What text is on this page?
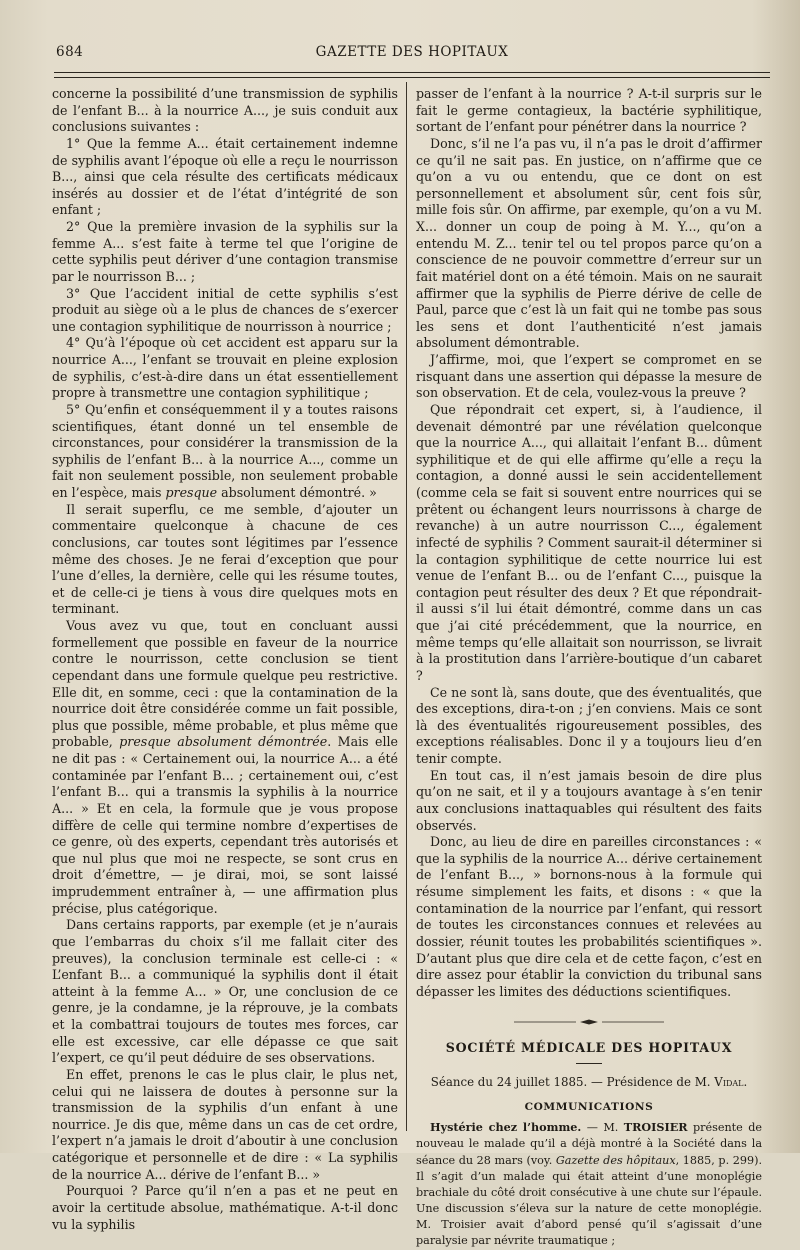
684	GAZETTE DES HOPITAUX

concerne la possibilité d’une transmission de syphilis de l’enfant B... à la nourrice A..., je suis conduit aux conclusions suivantes :

1° Que la femme A... était certainement indemne de syphilis avant l’époque où elle a reçu le nourrisson B..., ainsi que cela résulte des certificats médicaux insérés au dossier et de l’état d’intégrité de son enfant ;

2° Que la première invasion de la syphilis sur la femme A... s’est faite à terme tel que l’origine de cette syphilis peut dériver d’une contagion transmise par le nourrisson B... ;

3° Que l’accident initial de cette syphilis s’est produit au siège où a le plus de chances de s’exercer une contagion syphilitique de nourrisson à nourrice ;

4° Qu’à l’époque où cet accident est apparu sur la nourrice A..., l’enfant se trouvait en pleine explosion de syphilis, c’est-à-dire dans un état essentiellement propre à transmettre une contagion syphilitique ;

5° Qu’enfin et conséquemment il y a toutes raisons scientifiques, étant donné un tel ensemble de circonstances, pour considérer la transmission de la syphilis de l’enfant B... à la nourrice A..., comme un fait non seulement possible, non seulement probable en l’espèce, mais presque absolument démontré. »

Il serait superflu, ce me semble, d’ajouter un commentaire quelconque à chacune de ces conclusions, car toutes sont légitimes par l’essence même des choses. Je ne ferai d’exception que pour l’une d’elles, la dernière, celle qui les résume toutes, et de celle-ci je tiens à vous dire quelques mots en terminant.

Vous avez vu que, tout en concluant aussi formellement que possible en faveur de la nourrice contre le nourrisson, cette conclusion se tient cependant dans une formule quelque peu restrictive. Elle dit, en somme, ceci : que la contamination de la nourrice doit être considérée comme un fait possible, plus que possible, même probable, et plus même que probable, presque absolument démontrée. Mais elle ne dit pas : « Certainement oui, la nourrice A... a été contaminée par l’enfant B... ; certainement oui, c’est l’enfant B... qui a transmis la syphilis à la nourrice A... » Et en cela, la formule que je vous propose diffère de celle qui termine nombre d’expertises de ce genre, où des experts, cependant très autorisés et que nul plus que moi ne respecte, se sont crus en droit d’émettre, — je dirai, moi, se sont laissé imprudemment entraîner à, — une affirmation plus précise, plus catégorique.

Dans certains rapports, par exemple (et je n’aurais que l’embarras du choix s’il me fallait citer des preuves), la conclusion terminale est celle-ci : « L’enfant B... a communiqué la syphilis dont il était atteint à la femme A... » Or, une conclusion de ce genre, je la condamne, je la réprouve, je la combats et la combattrai toujours de toutes mes forces, car elle est excessive, car elle dépasse ce que sait l’expert, ce qu’il peut déduire de ses observations.

En effet, prenons le cas le plus clair, le plus net, celui qui ne laissera de doutes à personne sur la transmission de la syphilis d’un enfant à une nourrice. Je dis que, même dans un cas de cet ordre, l’expert n’a jamais le droit d’aboutir à une conclusion catégorique et personnelle et de dire : « La syphilis de la nourrice A... dérive de l’enfant B... »

Pourquoi ? Parce qu’il n’en a pas et ne peut en avoir la certitude absolue, mathématique. A-t-il donc vu la syphilis

passer de l’enfant à la nourrice ? A-t-il surpris sur le fait le germe contagieux, la bactérie syphilitique, sortant de l’enfant pour pénétrer dans la nourrice ?

Donc, s’il ne l’a pas vu, il n’a pas le droit d’affirmer ce qu’il ne sait pas. En justice, on n’affirme que ce qu’on a vu ou entendu, que ce dont on est personnellement et absolument sûr, cent fois sûr, mille fois sûr. On affirme, par exemple, qu’on a vu M. X... donner un coup de poing à M. Y..., qu’on a entendu M. Z... tenir tel ou tel propos parce qu’on a conscience de ne pouvoir commettre d’erreur sur un fait matériel dont on a été témoin. Mais on ne saurait affirmer que la syphilis de Pierre dérive de celle de Paul, parce que c’est là un fait qui ne tombe pas sous les sens et dont l’authenticité n’est jamais absolument démontrable.

J’affirme, moi, que l’expert se compromet en se risquant dans une assertion qui dépasse la mesure de son observation. Et de cela, voulez-vous la preuve ?

Que répondrait cet expert, si, à l’audience, il devenait démontré par une révélation quelconque que la nourrice A..., qui allaitait l’enfant B... dûment syphilitique et de qui elle affirme qu’elle a reçu la contagion, a donné aussi le sein accidentellement (comme cela se fait si souvent entre nourrices qui se prêtent ou échangent leurs nourrissons à charge de revanche) à un autre nourrisson C..., également infecté de syphilis ? Comment saurait-il déterminer si la contagion syphilitique de cette nourrice lui est venue de l’enfant B... ou de l’enfant C..., puisque la contagion peut résulter des deux ? Et que répondrait-il aussi s’il lui était démontré, comme dans un cas que j’ai cité précédemment, que la nourrice, en même temps qu’elle allaitait son nourrisson, se livrait à la prostitution dans l’arrière-boutique d’un cabaret ?

Ce ne sont là, sans doute, que des éventualités, que des exceptions, dira-t-on ; j’en conviens. Mais ce sont là des éventualités rigoureusement possibles, des exceptions réalisables. Donc il y a toujours lieu d’en tenir compte.

En tout cas, il n’est jamais besoin de dire plus qu’on ne sait, et il y a toujours avantage à s’en tenir aux conclusions inattaquables qui résultent des faits observés.

Donc, au lieu de dire en pareilles circonstances : « que la syphilis de la nourrice A... dérive certainement de l’enfant B..., » bornons-nous à la formule qui résume simplement les faits, et disons : « que la contamination de la nourrice par l’enfant, qui ressort de toutes les circonstances connues et relevées au dossier, réunit toutes les probabilités scientifiques ». D’autant plus que dire cela et de cette façon, c’est en dire assez pour établir la conviction du tribunal sans dépasser les limites des déductions scientifiques.

SOCIÉTÉ MÉDICALE DES HOPITAUX
Séance du 24 juillet 1885. — Présidence de M. Vidal.
COMMUNICATIONS

Hystérie chez l’homme. — M. TROISIER présente de nouveau le malade qu’il a déjà montré à la Société dans la séance du 28 mars (voy. Gazette des hôpitaux, 1885, p. 299). Il s’agit d’un malade qui était atteint d’une monoplégie brachiale du côté droit consécutive à une chute sur l’épaule. Une discussion s’éleva sur la nature de cette monoplégie. M. Troisier avait d’abord pensé qu’il s’agissait d’une paralysie par névrite traumatique ;
